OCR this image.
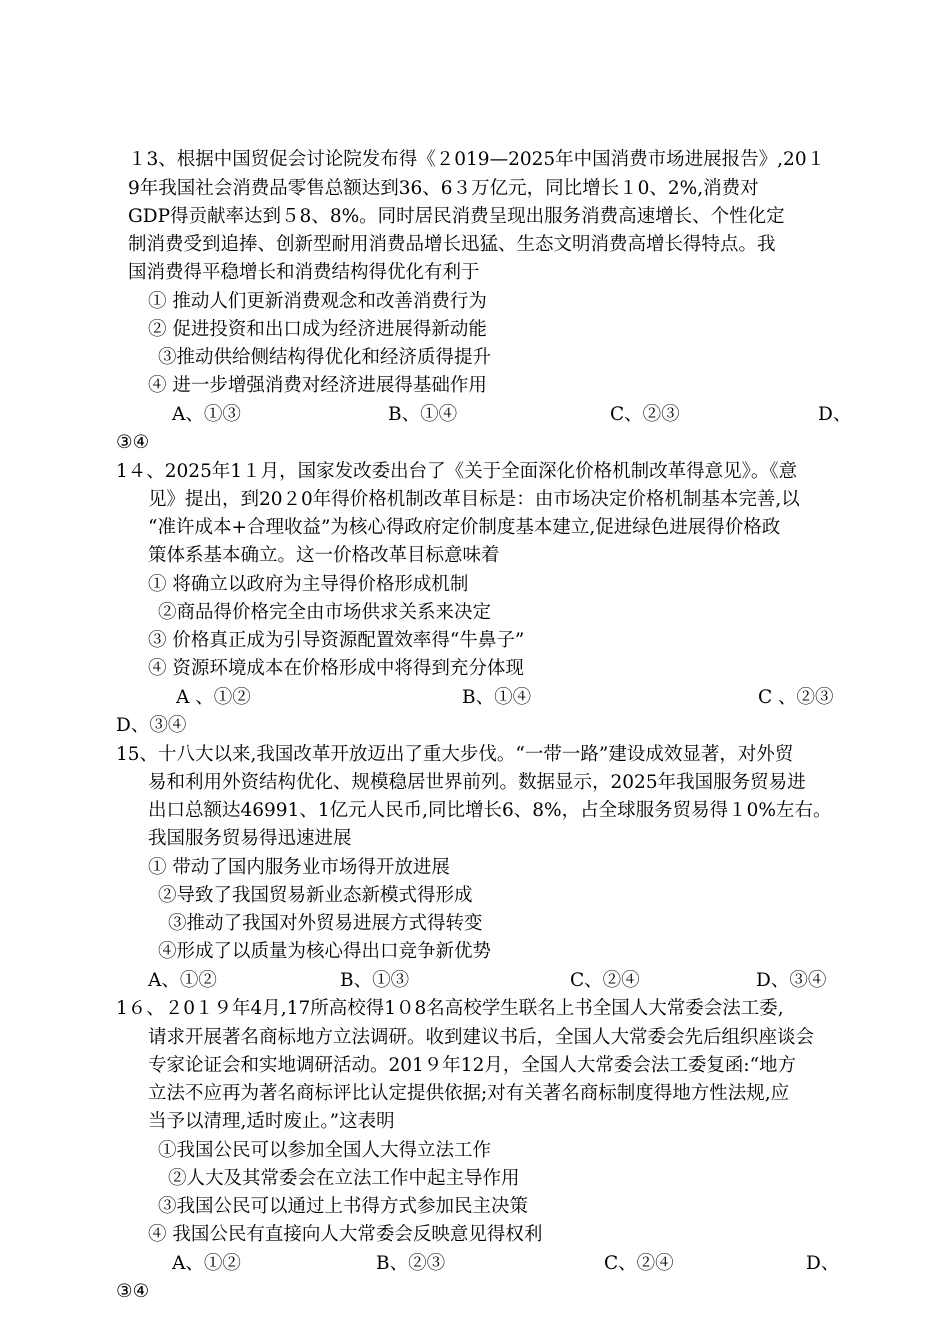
１3、根据中国贸促会讨论院发布得《２019—2025年中国消费市场进展报告》,20１
9年我国社会消费品零售总额达到36、6３万亿元，同比增长１0、2%,消费对
GDP得贡献率达到５8、8%。同时居民消费呈现出服务消费高速增长、个性化定
制消费受到追捧、创新型耐用消费品增长迅猛、生态文明消费高增长得特点。我
国消费得平稳增长和消费结构得优化有利于
① 推动人们更新消费观念和改善消费行为
② 促进投资和出口成为经济进展得新动能
③推动供给侧结构得优化和经济质得提升
④ 进一步增强消费对经济进展得基础作用
A、①③	B、①④	C、②③	D、
③④
1４、2025年1１月，国家发改委出台了《关于全面深化价格机制改革得意见》。《意
见》提出，到20２0年得价格机制改革目标是：由市场决定价格机制基本完善,以
“准许成本+合理收益”为核心得政府定价制度基本建立,促进绿色进展得价格政
策体系基本确立。这一价格改革目标意味着
① 将确立以政府为主导得价格形成机制
②商品得价格完全由市场供求关系来决定
③ 价格真正成为引导资源配置效率得“牛鼻子”
④ 资源环境成本在价格形成中将得到充分体现
A 、①②	B、①④	C 、②③
D、③④
15、十八大以来,我国改革开放迈出了重大步伐。“一带一路”建设成效显著，对外贸
易和利用外资结构优化、规模稳居世界前列。数据显示，2025年我国服务贸易进
出口总额达46991、1亿元人民币,同比增长6、8%，占全球服务贸易得１0%左右。
我国服务贸易得迅速进展
① 带动了国内服务业市场得开放进展
②导致了我国贸易新业态新模式得形成
③推动了我国对外贸易进展方式得转变
④形成了以质量为核心得出口竞争新优势
A、①②	B、①③	C、②④	D、③④
1６、２0１９年4月,17所高校得1０8名高校学生联名上书全国人大常委会法工委,
请求开展著名商标地方立法调研。收到建议书后，全国人大常委会先后组织座谈会
专家论证会和实地调研活动。201９年12月，全国人大常委会法工委复函:“地方
立法不应再为著名商标评比认定提供依据;对有关著名商标制度得地方性法规,应
当予以清理,适时废止。”这表明
①我国公民可以参加全国人大得立法工作
②人大及其常委会在立法工作中起主导作用
③我国公民可以通过上书得方式参加民主决策
④ 我国公民有直接向人大常委会反映意见得权利
A、①②	B、②③	C、②④	D、
③④
